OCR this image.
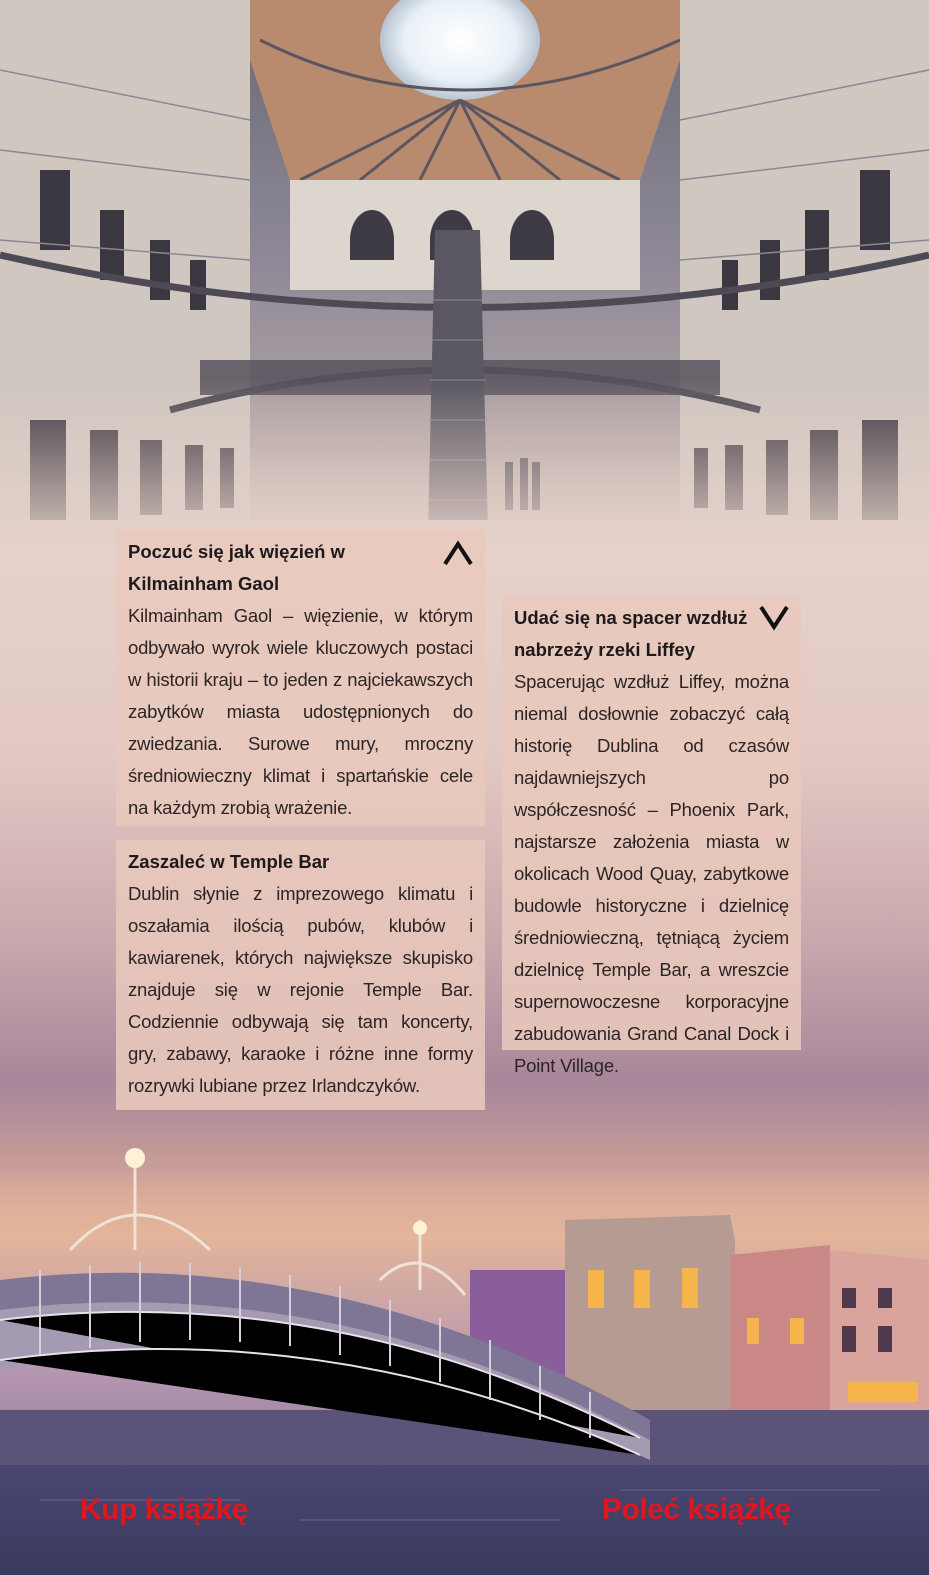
Poczuć się jak więzień w Kilmainham Gaol

Kilmainham Gaol – więzienie, w którym odbywało wyrok wiele kluczowych postaci w historii kraju – to jeden z najciekawszych zabytków miasta udostępnionych do zwiedzania. Surowe mury, mroczny średniowieczny klimat i spartańskie cele na każdym zrobią wrażenie.

Zaszaleć w Temple Bar

Dublin słynie z imprezowego klimatu i oszałamia ilością pubów, klubów i kawiarenek, których największe skupisko znajduje się w rejonie Temple Bar. Codziennie odbywają się tam koncerty, gry, zabawy, karaoke i różne inne formy rozrywki lubiane przez Irlandczyków.

Udać się na spacer wzdłuż nabrzeży rzeki Liffey

Spacerując wzdłuż Liffey, można niemal dosłownie zobaczyć całą historię Dublina od czasów najdawniejszych po współczesność – Phoenix Park, najstarsze założenia miasta w okolicach Wood Quay, zabytkowe budowle historyczne i dzielnicę średniowieczną, tętniącą życiem dzielnicę Temple Bar, a wreszcie supernowoczesne korporacyjne zabudowania Grand Canal Dock i Point Village.

Kup książkę	Poleć książkę
